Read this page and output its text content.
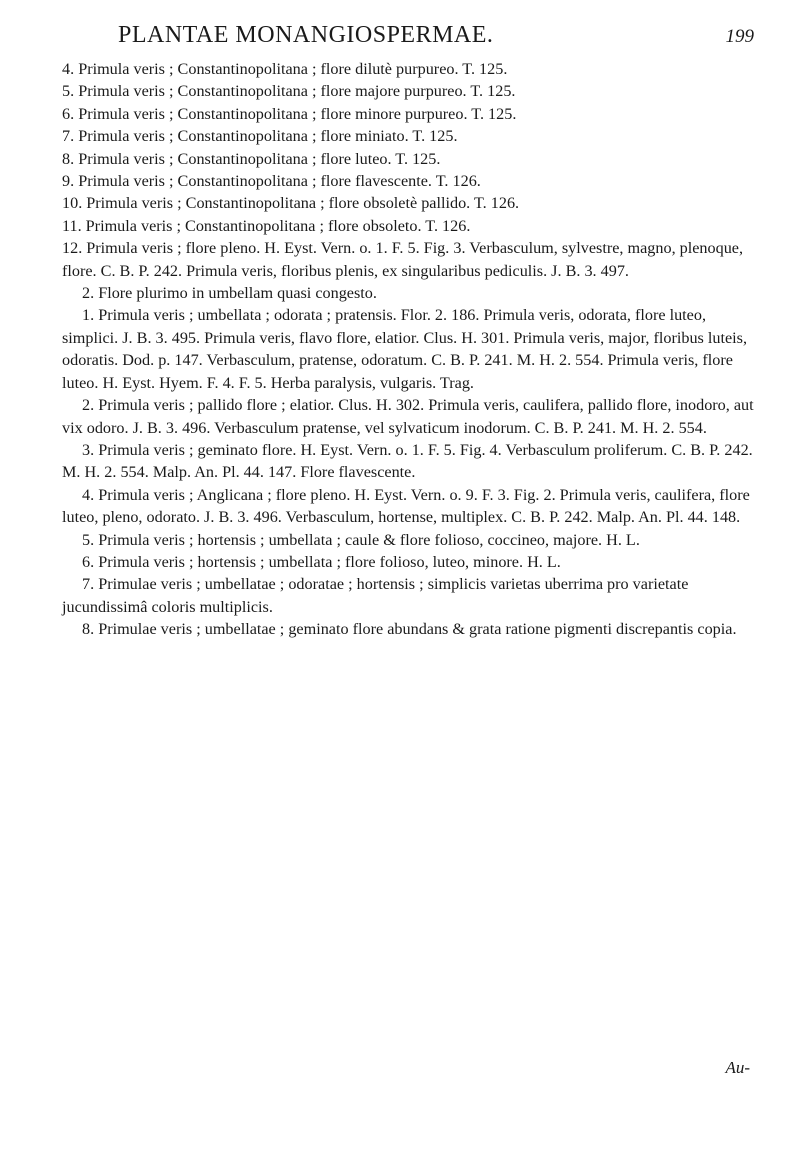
PLANTAE MONANGIOSPERMAE.	199

4. Primula veris ; Constantinopolitana ; flore dilutè purpureo. T. 125.

5. Primula veris ; Constantinopolitana ; flore majore purpureo. T. 125.

6. Primula veris ; Constantinopolitana ; flore minore purpureo. T. 125.

7. Primula veris ; Constantinopolitana ; flore miniato. T. 125.

8. Primula veris ; Constantinopolitana ; flore luteo. T. 125.

9. Primula veris ; Constantinopolitana ; flore flavescente. T. 126.

10. Primula veris ; Constantinopolitana ; flore obsoletè pallido. T. 126.

11. Primula veris ; Constantinopolitana ; flore obsoleto. T. 126.

12. Primula veris ; flore pleno. H. Eyst. Vern. o. 1. F. 5. Fig. 3. Verbasculum, sylvestre, magno, plenoque, flore. C. B. P. 242. Primula veris, floribus plenis, ex singularibus pediculis. J. B. 3. 497.

2. Flore plurimo in umbellam quasi congesto.

1. Primula veris ; umbellata ; odorata ; pratensis. Flor. 2. 186. Primula veris, odorata, flore luteo, simplici. J. B. 3. 495. Primula veris, flavo flore, elatior. Clus. H. 301. Primula veris, major, floribus luteis, odoratis. Dod. p. 147. Verbasculum, pratense, odoratum. C. B. P. 241. M. H. 2. 554. Primula veris, flore luteo. H. Eyst. Hyem. F. 4. F. 5. Herba paralysis, vulgaris. Trag.

2. Primula veris ; pallido flore ; elatior. Clus. H. 302. Primula veris, caulifera, pallido flore, inodoro, aut vix odoro. J. B. 3. 496. Verbasculum pratense, vel sylvaticum inodorum. C. B. P. 241. M. H. 2. 554.

3. Primula veris ; geminato flore. H. Eyst. Vern. o. 1. F. 5. Fig. 4. Verbasculum proliferum. C. B. P. 242. M. H. 2. 554. Malp. An. Pl. 44. 147. Flore flavescente.

4. Primula veris ; Anglicana ; flore pleno. H. Eyst. Vern. o. 9. F. 3. Fig. 2. Primula veris, caulifera, flore luteo, pleno, odorato. J. B. 3. 496. Verbasculum, hortense, multiplex. C. B. P. 242. Malp. An. Pl. 44. 148.

5. Primula veris ; hortensis ; umbellata ; caule & flore folioso, coccineo, majore. H. L.

6. Primula veris ; hortensis ; umbellata ; flore folioso, luteo, minore. H. L.

7. Primulae veris ; umbellatae ; odoratae ; hortensis ; simplicis varietas uberrima pro varietate jucundissimâ coloris multiplicis.

8. Primulae veris ; umbellatae ; geminato flore abundans & grata ratione pigmenti discrepantis copia.

Au-
